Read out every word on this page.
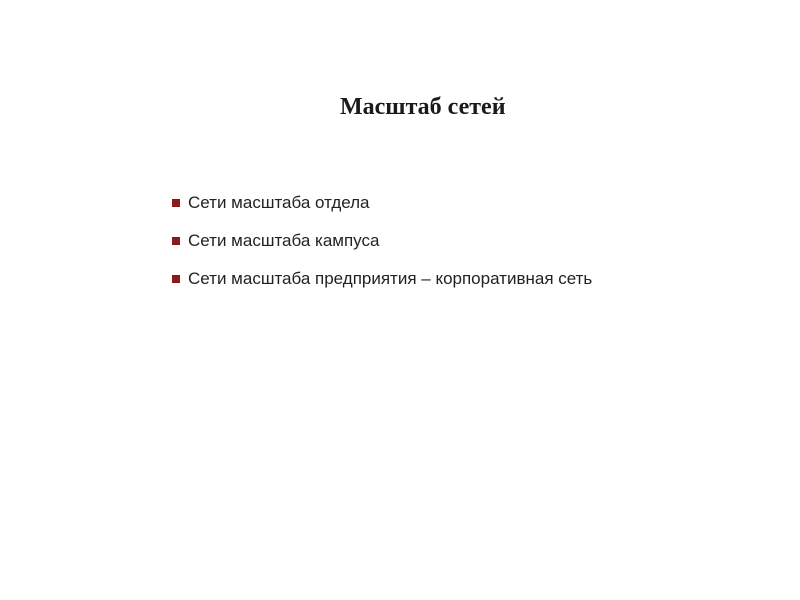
Масштаб сетей
Сети масштаба отдела
Сети масштаба кампуса
Сети масштаба предприятия – корпоративная сеть
